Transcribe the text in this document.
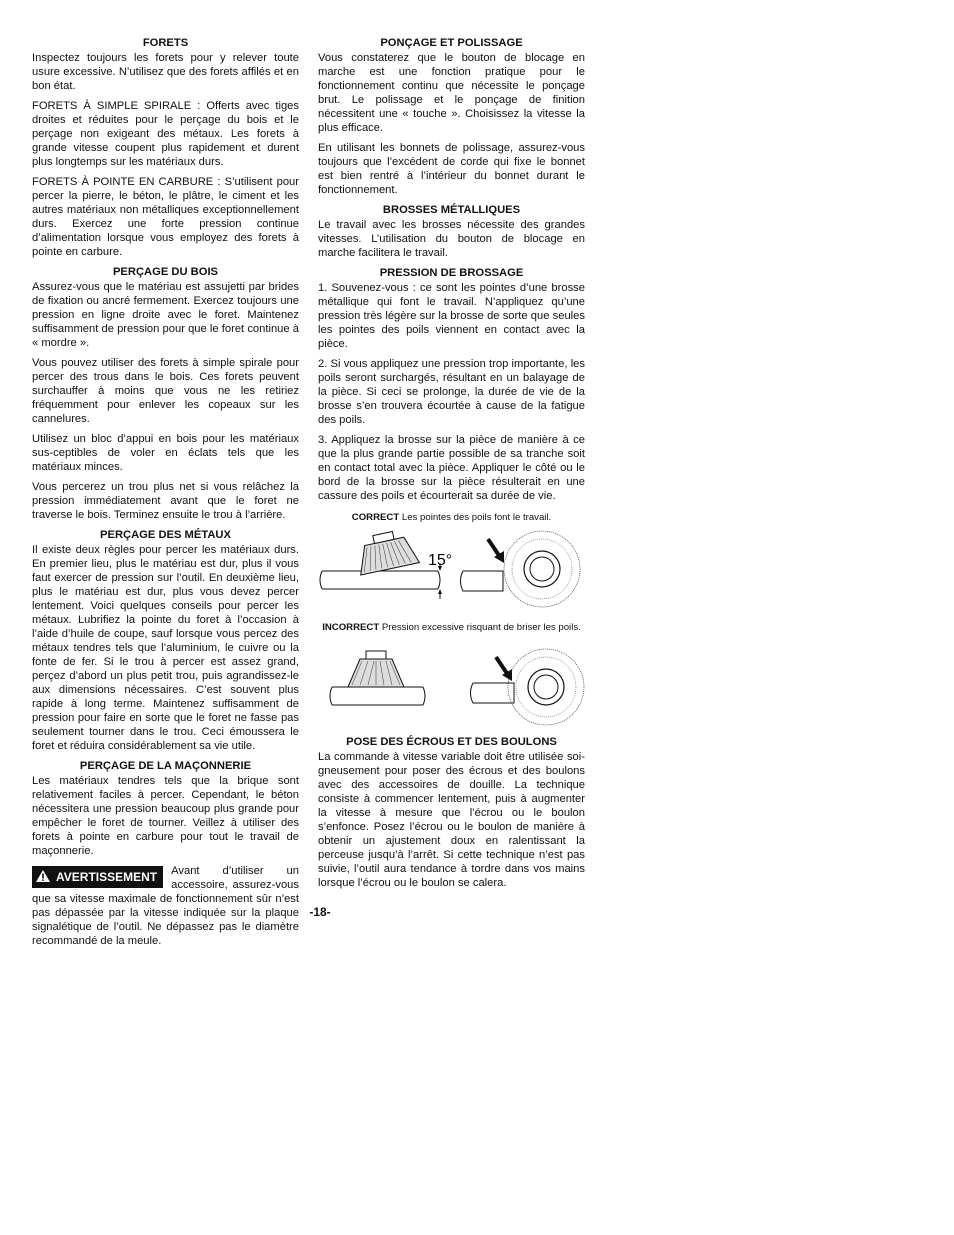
FORETS

Inspectez toujours les forets pour y relever toute usure excessive. N’utilisez que des forets affilés et en bon état.

FORETS À SIMPLE SPIRALE : Offerts avec tiges droites et réduites pour le perçage du bois et le perçage non exigeant des métaux. Les forets à grande vitesse coupent plus rapidement et durent plus longtemps sur les matériaux durs.

FORETS À POINTE EN CARBURE : S’utilisent pour percer la pierre, le béton, le plâtre, le ciment et les autres matériaux non métalliques exceptionnellement durs. Exercez une forte pression continue d’alimentation lorsque vous employez des forets à pointe en carbure.

PERÇAGE DU BOIS

Assurez-vous que le matériau est assujetti par brides de fixation ou ancré fermement. Exercez toujours une pression en ligne droite avec le foret. Maintenez suffisamment de pression pour que le foret continue à « mordre ».

Vous pouvez utiliser des forets à simple spirale pour percer des trous dans le bois. Ces forets peuvent surchauffer à moins que vous ne les retiriez fréquemment pour enlever les copeaux sur les cannelures.

Utilisez un bloc d’appui en bois pour les matériaux sus-ceptibles de voler en éclats tels que les matériaux minces.

Vous percerez un trou plus net si vous relâchez la pression immédiatement avant que le foret ne traverse le bois. Terminez ensuite le trou à l’arrière.

PERÇAGE DES MÉTAUX

Il existe deux règles pour percer les matériaux durs. En premier lieu, plus le matériau est dur, plus il vous faut exercer de pression sur l’outil. En deuxième lieu, plus le matériau est dur, plus vous devez percer lentement. Voici quelques conseils pour percer les métaux. Lubrifiez la pointe du foret à l’occasion à l’aide d’huile de coupe, sauf lorsque vous percez des métaux tendres tels que l’aluminium, le cuivre ou la fonte de fer. Si le trou à percer est assez grand, perçez d’abord un plus petit trou, puis agrandissez-le aux dimensions nécessaires. C’est souvent plus rapide à long terme. Maintenez suffisamment de pression pour faire en sorte que le foret ne fasse pas seulement tourner dans le trou. Ceci émoussera le foret et réduira considérablement sa vie utile.

PERÇAGE DE LA MAÇONNERIE

Les matériaux tendres tels que la brique sont relativement faciles à percer. Cependant, le béton nécessitera une pression beaucoup plus grande pour empêcher le foret de tourner. Veillez à utiliser des forets à pointe en carbure pour tout le travail de maçonnerie.

AVERTISSEMENT	Avant d’utiliser un accessoire, assurez-vous que sa vitesse maximale de fonctionnement sûr n’est pas dépassée par la vitesse indiquée sur la plaque signalétique de l’outil. Ne dépassez pas le diamètre recommandé de la meule.

PONÇAGE ET POLISSAGE

Vous constaterez que le bouton de blocage en marche est une fonction pratique pour le fonctionnement continu que nécessite le ponçage brut. Le polissage et le ponçage de finition nécessitent une « touche ». Choisissez la vitesse la plus efficace.

En utilisant les bonnets de polissage, assurez-vous toujours que l’excédent de corde qui fixe le bonnet est bien rentré à l’intérieur du bonnet durant le fonctionnement.

BROSSES MÉTALLIQUES

Le travail avec les brosses nécessite des grandes vitesses. L’utilisation du bouton de blocage en marche facilitera le travail.

PRESSION DE BROSSAGE

1. Souvenez-vous : ce sont les pointes d’une brosse métallique qui font le travail. N’appliquez qu’une pression très légère sur la brosse de sorte que seules les pointes des poils viennent en contact avec la pièce.

2. Si vous appliquez une pression trop importante, les poils seront surchargés, résultant en un balayage de la pièce. Si ceci se prolonge, la durée de vie de la brosse s’en trouvera écourtée à cause de la fatigue des poils.

3. Appliquez la brosse sur la pièce de manière à ce que la plus grande partie possible de sa tranche soit en contact total avec la pièce. Appliquer le côté ou le bord de la brosse sur la pièce résulterait en une cassure des poils et écourterait sa durée de vie.

CORRECT Les pointes des poils font le travail.
15°
INCORRECT Pression excessive risquant de briser les poils.
POSE DES ÉCROUS ET DES BOULONS

La commande à vitesse variable doit être utilisée soi-gneusement pour poser des écrous et des boulons avec des accessoires de douille. La technique consiste à commencer lentement, puis à augmenter la vitesse à mesure que l’écrou ou le boulon s’enfonce. Posez l’écrou ou le boulon de manière à obtenir un ajustement doux en ralentissant la perceuse jusqu’à l’arrêt. Si cette technique n’est pas suivie, l’outil aura tendance à tordre dans vos mains lorsque l’écrou ou le boulon se calera.

-18-
